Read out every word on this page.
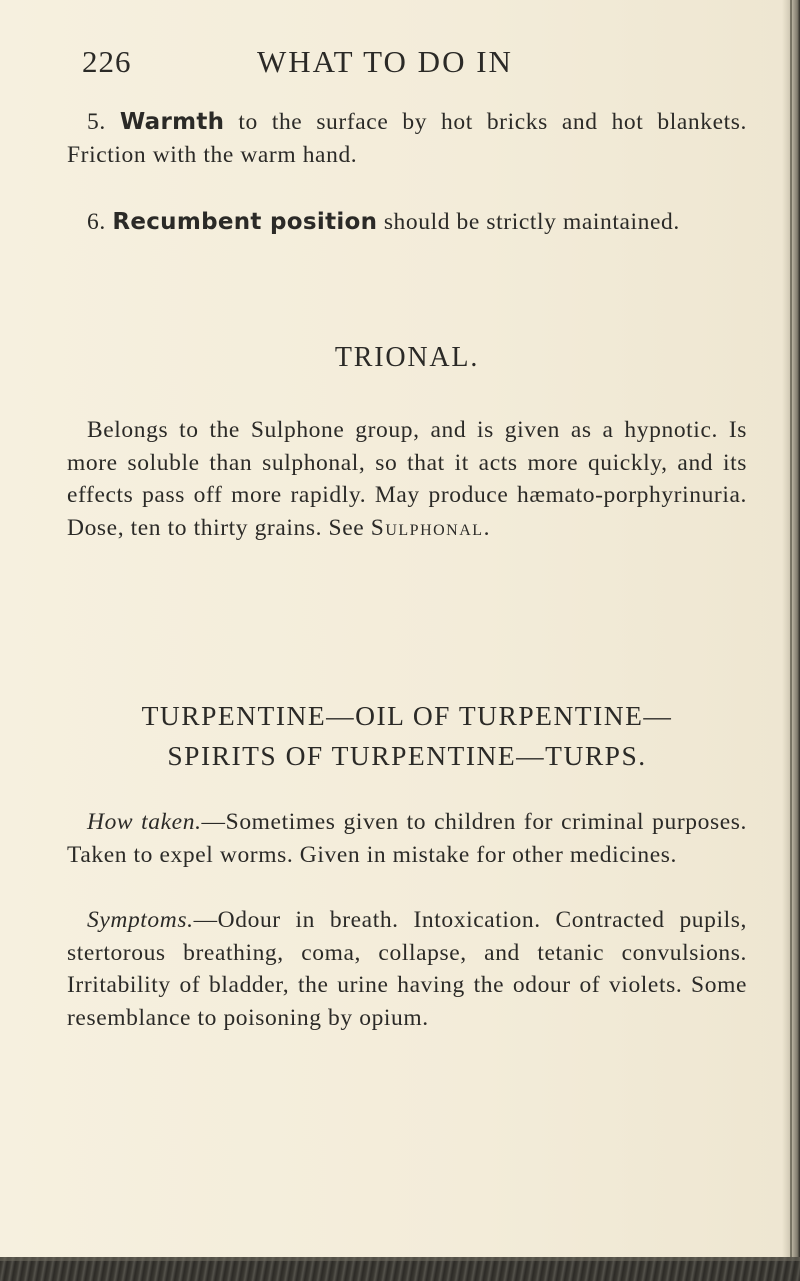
226	WHAT TO DO IN
5. Warmth to the surface by hot bricks and hot blankets. Friction with the warm hand.
6. Recumbent position should be strictly maintained.
TRIONAL.
Belongs to the Sulphone group, and is given as a hypnotic. Is more soluble than sulphonal, so that it acts more quickly, and its effects pass off more rapidly. May produce hæmato-porphyrinuria. Dose, ten to thirty grains. See Sulphonal.
TURPENTINE—OIL OF TURPENTINE—
SPIRITS OF TURPENTINE—TURPS.
How taken.—Sometimes given to children for criminal purposes. Taken to expel worms. Given in mistake for other medicines.
Symptoms.—Odour in breath. Intoxication. Contracted pupils, stertorous breathing, coma, collapse, and tetanic convulsions. Irritability of bladder, the urine having the odour of violets. Some resemblance to poisoning by opium.
